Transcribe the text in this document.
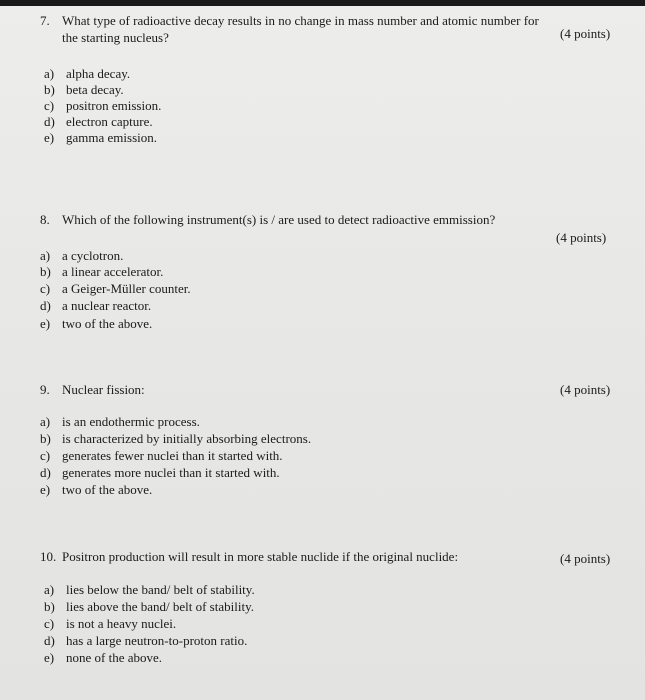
7. What type of radioactive decay results in no change in mass number and atomic number for
the starting nucleus?	(4 points)
a) alpha decay.
b) beta decay.
c) positron emission.
d) electron capture.
e) gamma emission.
8. Which of the following instrument(s) is / are used to detect radioactive emmission?
(4 points)
a) a cyclotron.
b) a linear accelerator.
c) a Geiger-Müller counter.
d) a nuclear reactor.
e) two of the above.
9. Nuclear fission:	(4 points)
a) is an endothermic process.
b) is characterized by initially absorbing electrons.
c) generates fewer nuclei than it started with.
d) generates more nuclei than it started with.
e) two of the above.
10. Positron production will result in more stable nuclide if the original nuclide:	(4 points)
a) lies below the band/ belt of stability.
b) lies above the band/ belt of stability.
c) is not a heavy nuclei.
d) has a large neutron-to-proton ratio.
e) none of the above.
